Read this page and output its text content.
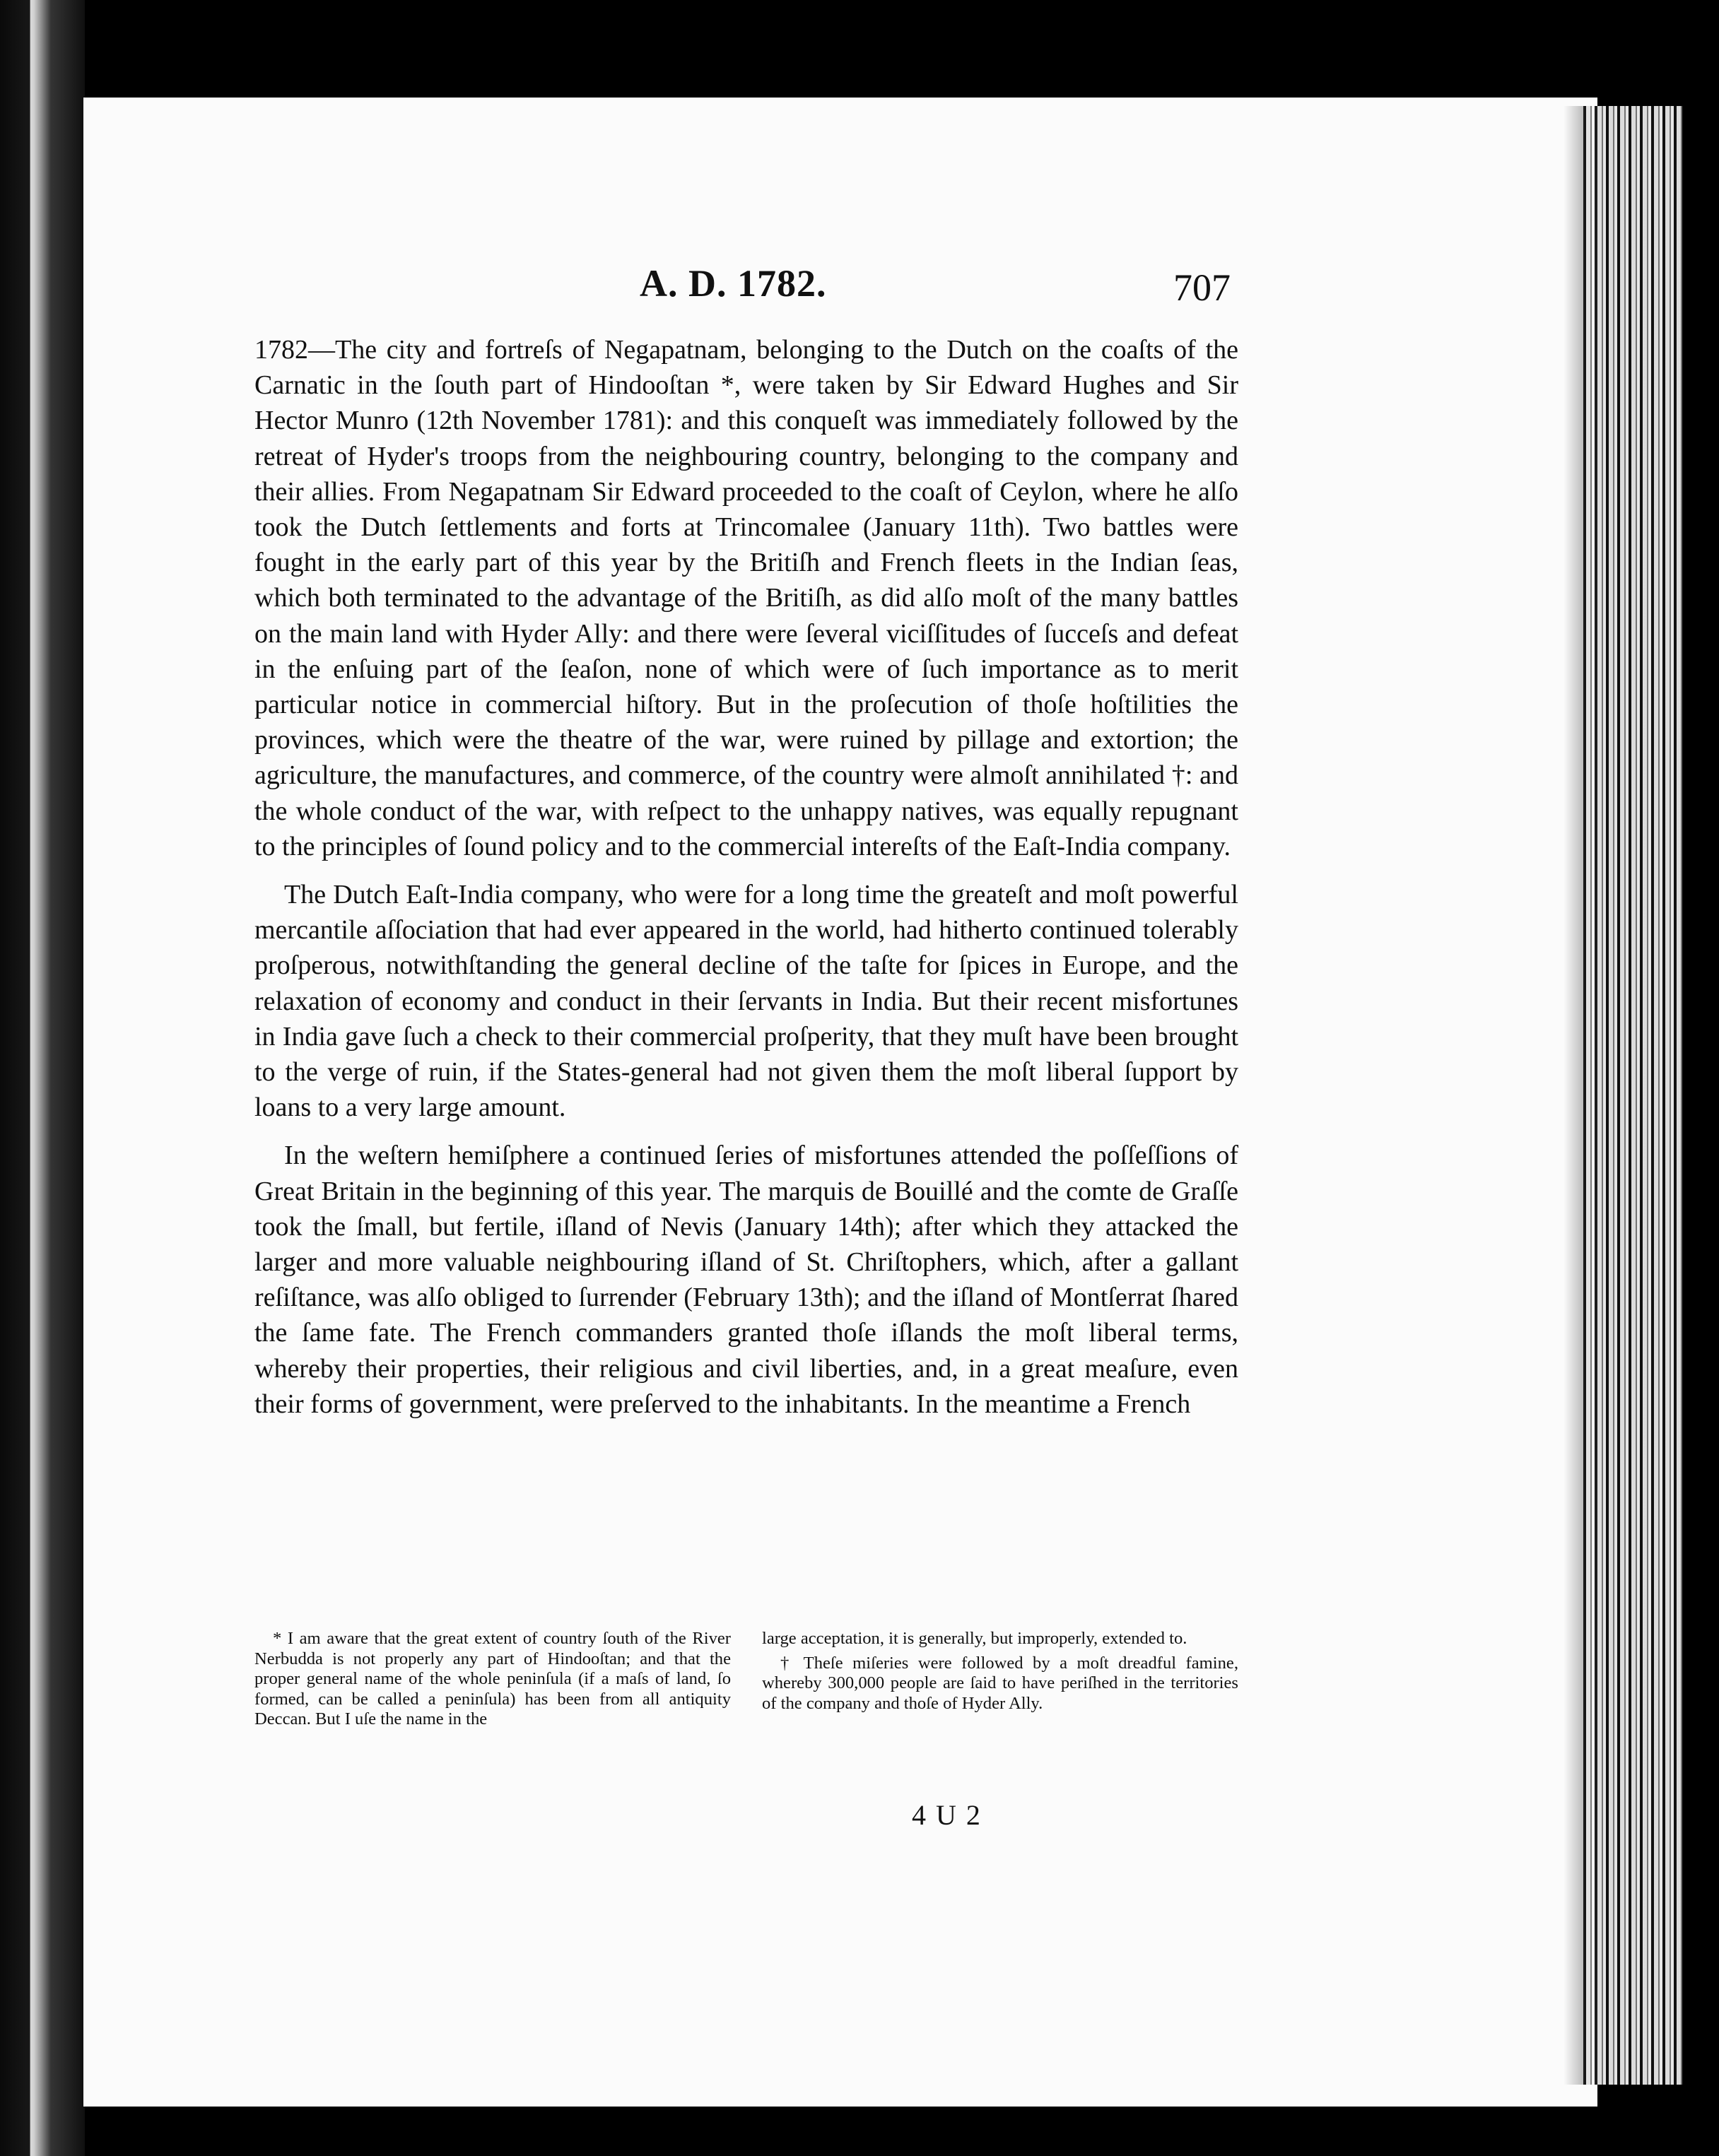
A. D. 1782.	707

1782—The city and fortreſs of Negapatnam, belonging to the Dutch on the coaſts of the Carnatic in the ſouth part of Hindooſtan *, were taken by Sir Edward Hughes and Sir Hector Munro (12th November 1781): and this conqueſt was immediately followed by the retreat of Hyder's troops from the neighbouring country, belonging to the company and their allies. From Negapatnam Sir Edward proceeded to the coaſt of Ceylon, where he alſo took the Dutch ſettlements and forts at Trincomalee (January 11th). Two battles were fought in the early part of this year by the Britiſh and French fleets in the Indian ſeas, which both terminated to the advantage of the Britiſh, as did alſo moſt of the many battles on the main land with Hyder Ally: and there were ſeveral viciſſitudes of ſucceſs and defeat in the enſuing part of the ſeaſon, none of which were of ſuch importance as to merit particular notice in commercial hiſtory. But in the proſecution of thoſe hoſtilities the provinces, which were the theatre of the war, were ruined by pillage and extortion; the agriculture, the manufactures, and commerce, of the country were almoſt annihilated †: and the whole conduct of the war, with reſpect to the unhappy natives, was equally repugnant to the principles of ſound policy and to the commercial intereſts of the Eaſt-India company.

The Dutch Eaſt-India company, who were for a long time the greateſt and moſt powerful mercantile aſſociation that had ever appeared in the world, had hitherto continued tolerably proſperous, notwithſtanding the general decline of the taſte for ſpices in Europe, and the relaxation of economy and conduct in their ſervants in India. But their recent misfortunes in India gave ſuch a check to their commercial proſperity, that they muſt have been brought to the verge of ruin, if the States-general had not given them the moſt liberal ſupport by loans to a very large amount.

In the weſtern hemiſphere a continued ſeries of misfortunes attended the poſſeſſions of Great Britain in the beginning of this year. The marquis de Bouillé and the comte de Graſſe took the ſmall, but fertile, iſland of Nevis (January 14th); after which they attacked the larger and more valuable neighbouring iſland of St. Chriſtophers, which, after a gallant reſiſtance, was alſo obliged to ſurrender (February 13th); and the iſland of Montſerrat ſhared the ſame fate. The French commanders granted thoſe iſlands the moſt liberal terms, whereby their properties, their religious and civil liberties, and, in a great meaſure, even their forms of government, were preſerved to the inhabitants. In the meantime a French

* I am aware that the great extent of country ſouth of the River Nerbudda is not properly any part of Hindooſtan; and that the proper general name of the whole peninſula (if a maſs of land, ſo formed, can be called a peninſula) has been from all antiquity Deccan. But I uſe the name in the

large acceptation, it is generally, but improperly, extended to.

† Theſe miſeries were followed by a moſt dreadful famine, whereby 300,000 people are ſaid to have periſhed in the territories of the company and thoſe of Hyder Ally.

4 U 2
